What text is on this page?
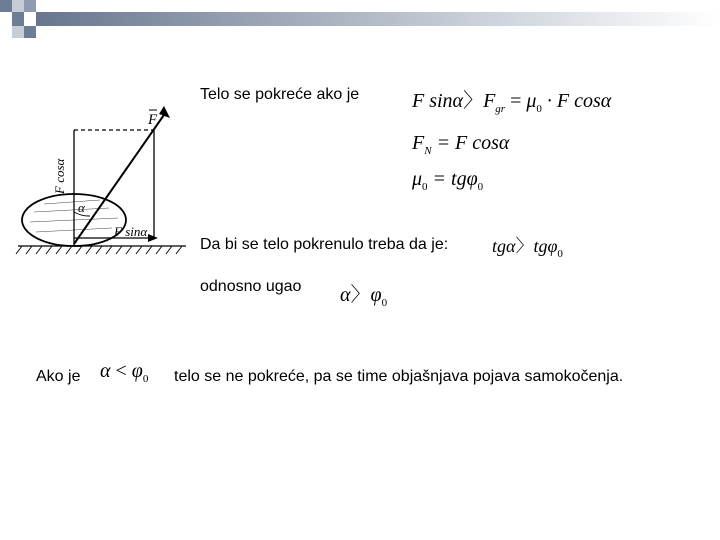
F
F cosα
F sinα
α
Telo se pokreće ako je	F sinα〉$F_{gr} = \mu_0 \cdot F$ cosα
$F_N = F$ cosα
$\mu_0 = tg\varphi_0$
Da bi se telo pokrenulo treba da je: tgα〉tgφ$_0$
odnosno ugao α〉$\varphi_0$
Ako je $\alpha < \varphi_0$ telo se ne pokreće, pa se time objašnjava pojava samokočenja.
